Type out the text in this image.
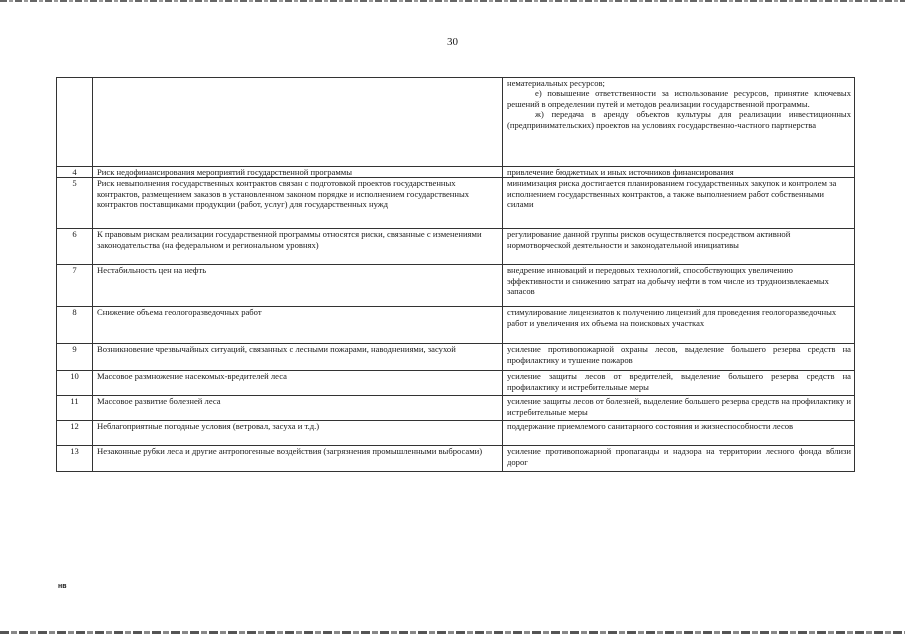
30

		нематериальных ресурсов;
е) повышение ответственности за использование ресурсов, принятие ключевых решений в определении путей и методов реализации государственной программы.
ж) передача в аренду объектов культуры для реализации инвестиционных (предпринимательских) проектов на условиях государственно-частного партнерства

4	Риск недофинансирования мероприятий государственной программы	привлечение бюджетных и иных источников финансирования
5	Риск невыполнения государственных контрактов связан с подготовкой проектов государственных контрактов, размещением заказов в установленном законом порядке и исполнением государственных контрактов поставщиками продукции (работ, услуг) для государственных нужд	минимизация риска достигается планированием государственных закупок и контролем за исполнением государственных контрактов, а также выполнением работ собственными силами
6	К правовым рискам реализации государственной программы относятся риски, связанные с изменениями законодательства (на федеральном и региональном уровнях)	регулирование данной группы рисков осуществляется посредством активной нормотворческой деятельности и законодательной инициативы
7	Нестабильность цен на нефть	внедрение инноваций и передовых технологий, способствующих увеличению эффективности и снижению затрат на добычу нефти в том числе из трудноизвлекаемых запасов
8	Снижение объема геологоразведочных работ	стимулирование лицензиатов к получению лицензий для проведения геологоразведочных работ и увеличения их объема на поисковых участках
9	Возникновение чрезвычайных ситуаций, связанных с лесными пожарами, наводнениями, засухой	усиление противопожарной охраны лесов, выделение большего резерва средств на профилактику и тушение пожаров
10	Массовое размножение насекомых-вредителей леса	усиление защиты лесов от вредителей, выделение большего резерва средств на профилактику и истребительные меры
11	Массовое развитие болезней леса	усиление защиты лесов от болезней, выделение большего резерва средств на профилактику и истребительные меры
12	Неблагоприятные погодные условия (ветровал, засуха и т.д.)	поддержание приемлемого санитарного состояния и жизнеспособности лесов
13	Незаконные рубки леса и другие антропогенные воздействия (загрязнения промышленными выбросами)	усиление противопожарной пропаганды и надзора на территории лесного фонда вблизи дорог
нв
